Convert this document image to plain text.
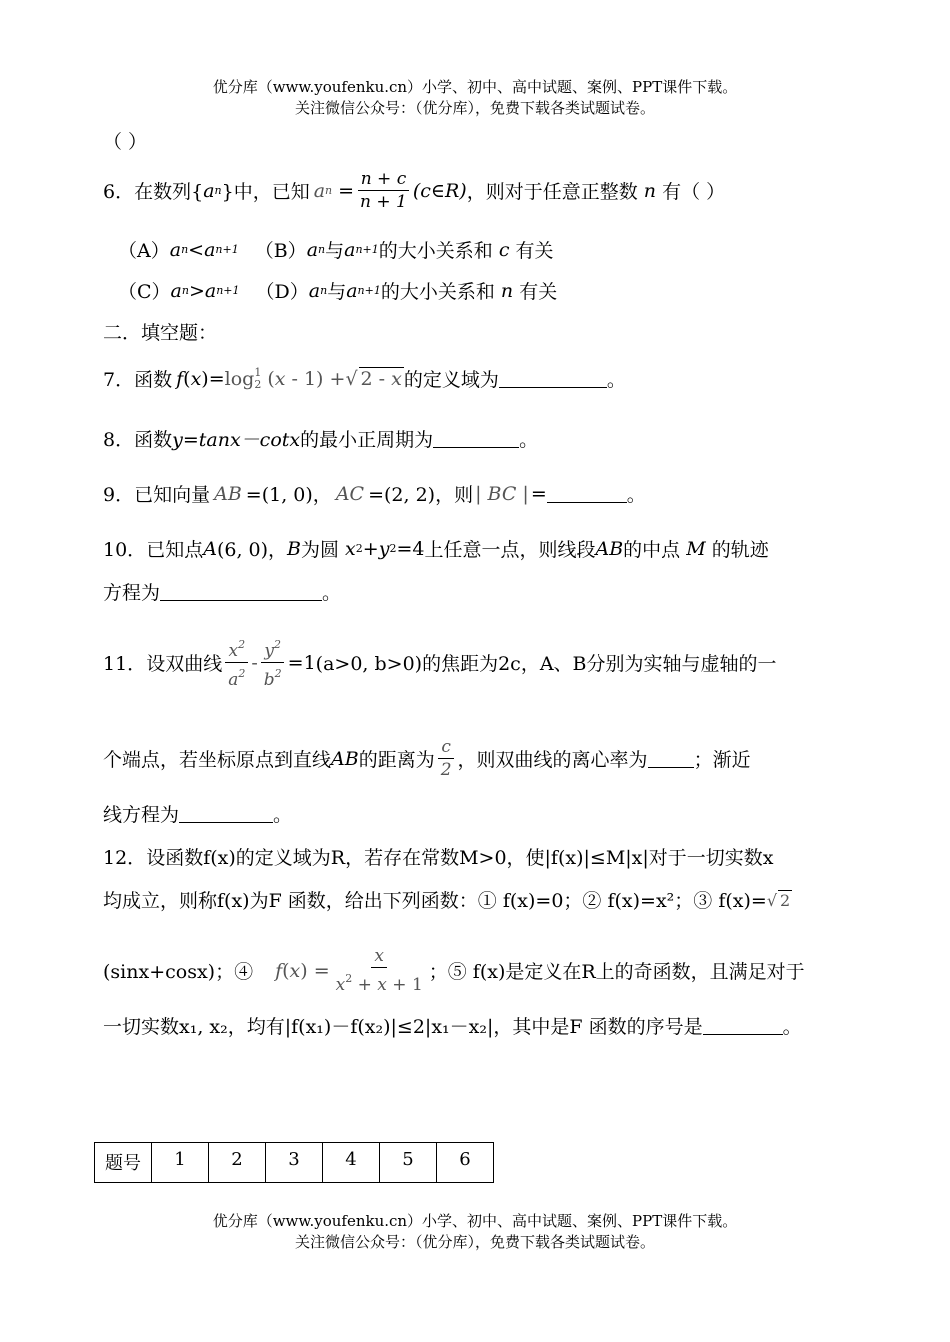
优分库（www.youfenku.cn）小学、初中、高中试题、案例、PPT课件下载。
关注微信公众号：（优分库），免费下载各类试题试卷。
（ ）
6． 在数列{ a n }中，已知 a $n = \frac{n + c}{n + 1}$ (c∈R) ，则对于任意正整数 n 有（ ）
（A） a n < a n+1 （B） a n 与 a n+1 的大小关系和 c 有关
（C） a n > a n+1 （D） a n 与 a n+1 的大小关系和 n 有关
二．填空题：
7． 函数 f ( x )= log 1
2 (x - 1) + √ 2 - x 的定义域为	。
8． 函数 y=tanx－cotx 的最小正周期为	。
9． 已知向量 AB =(1, 0)， AC =(2, 2)，则 | BC | =	。
10． 已知点 A (6, 0)， B 为圆 x 2 + y 2 =4 上任意一点，则线段 AB 的中点 M 的轨迹
方程为	。
11． 设双曲线 $\frac{x^2}{a^2} - \frac{y^2}{b^2} =1$ (a>0, b>0)的焦距为2c，A、B分别为实轴与虚轴的一
个端点，若坐标原点到直线 AB 的距离为 $\frac{c}{2}$ ，则双曲线的离心率为 ；渐近
线方程为	。
12． 设函数f(x)的定义域为R，若存在常数M>0，使|f(x)|≤M|x|对于一切实数x
均成立，则称f(x)为F 函数，给出下列函数：① f(x)=0；② f(x)=x²；③ f(x)= √ 2
(sinx+cosx)；④ f ( x ) = $\frac{x}{x^2 + x + 1}$ ；⑤ f(x)是定义在R上的奇函数，且满足对于
一切实数x₁, x₂，均有|f(x₁)－f(x₂)|≤2|x₁－x₂|，其中是F 函数的序号是	。
题号	1	2	3	4	5	6
优分库（www.youfenku.cn）小学、初中、高中试题、案例、PPT课件下载。
关注微信公众号：（优分库），免费下载各类试题试卷。
